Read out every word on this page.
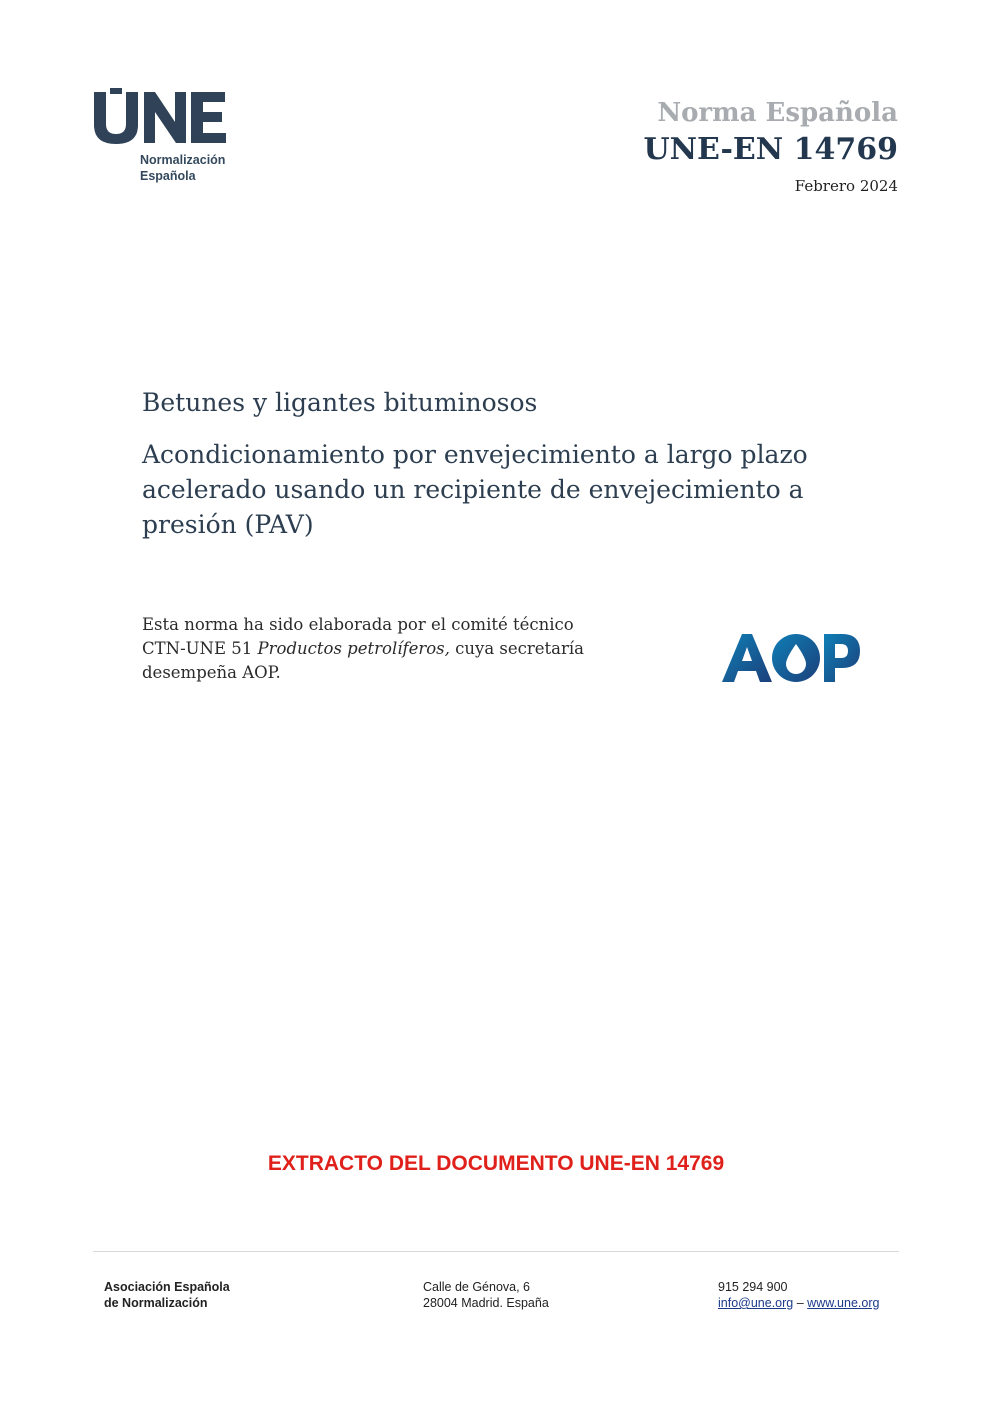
Normalización
Española
Norma Española
UNE-EN 14769
Febrero 2024
Betunes y ligantes bituminosos
Acondicionamiento por envejecimiento a largo plazo acelerado usando un recipiente de envejecimiento a presión (PAV)
Esta norma ha sido elaborada por el comité técnico
CTN-UNE 51 Productos petrolíferos, cuya secretaría
desempeña AOP.
EXTRACTO DEL DOCUMENTO UNE-EN 14769
Asociación Española
de Normalización
Calle de Génova, 6
28004 Madrid. España
915 294 900
info@une.org – www.une.org
